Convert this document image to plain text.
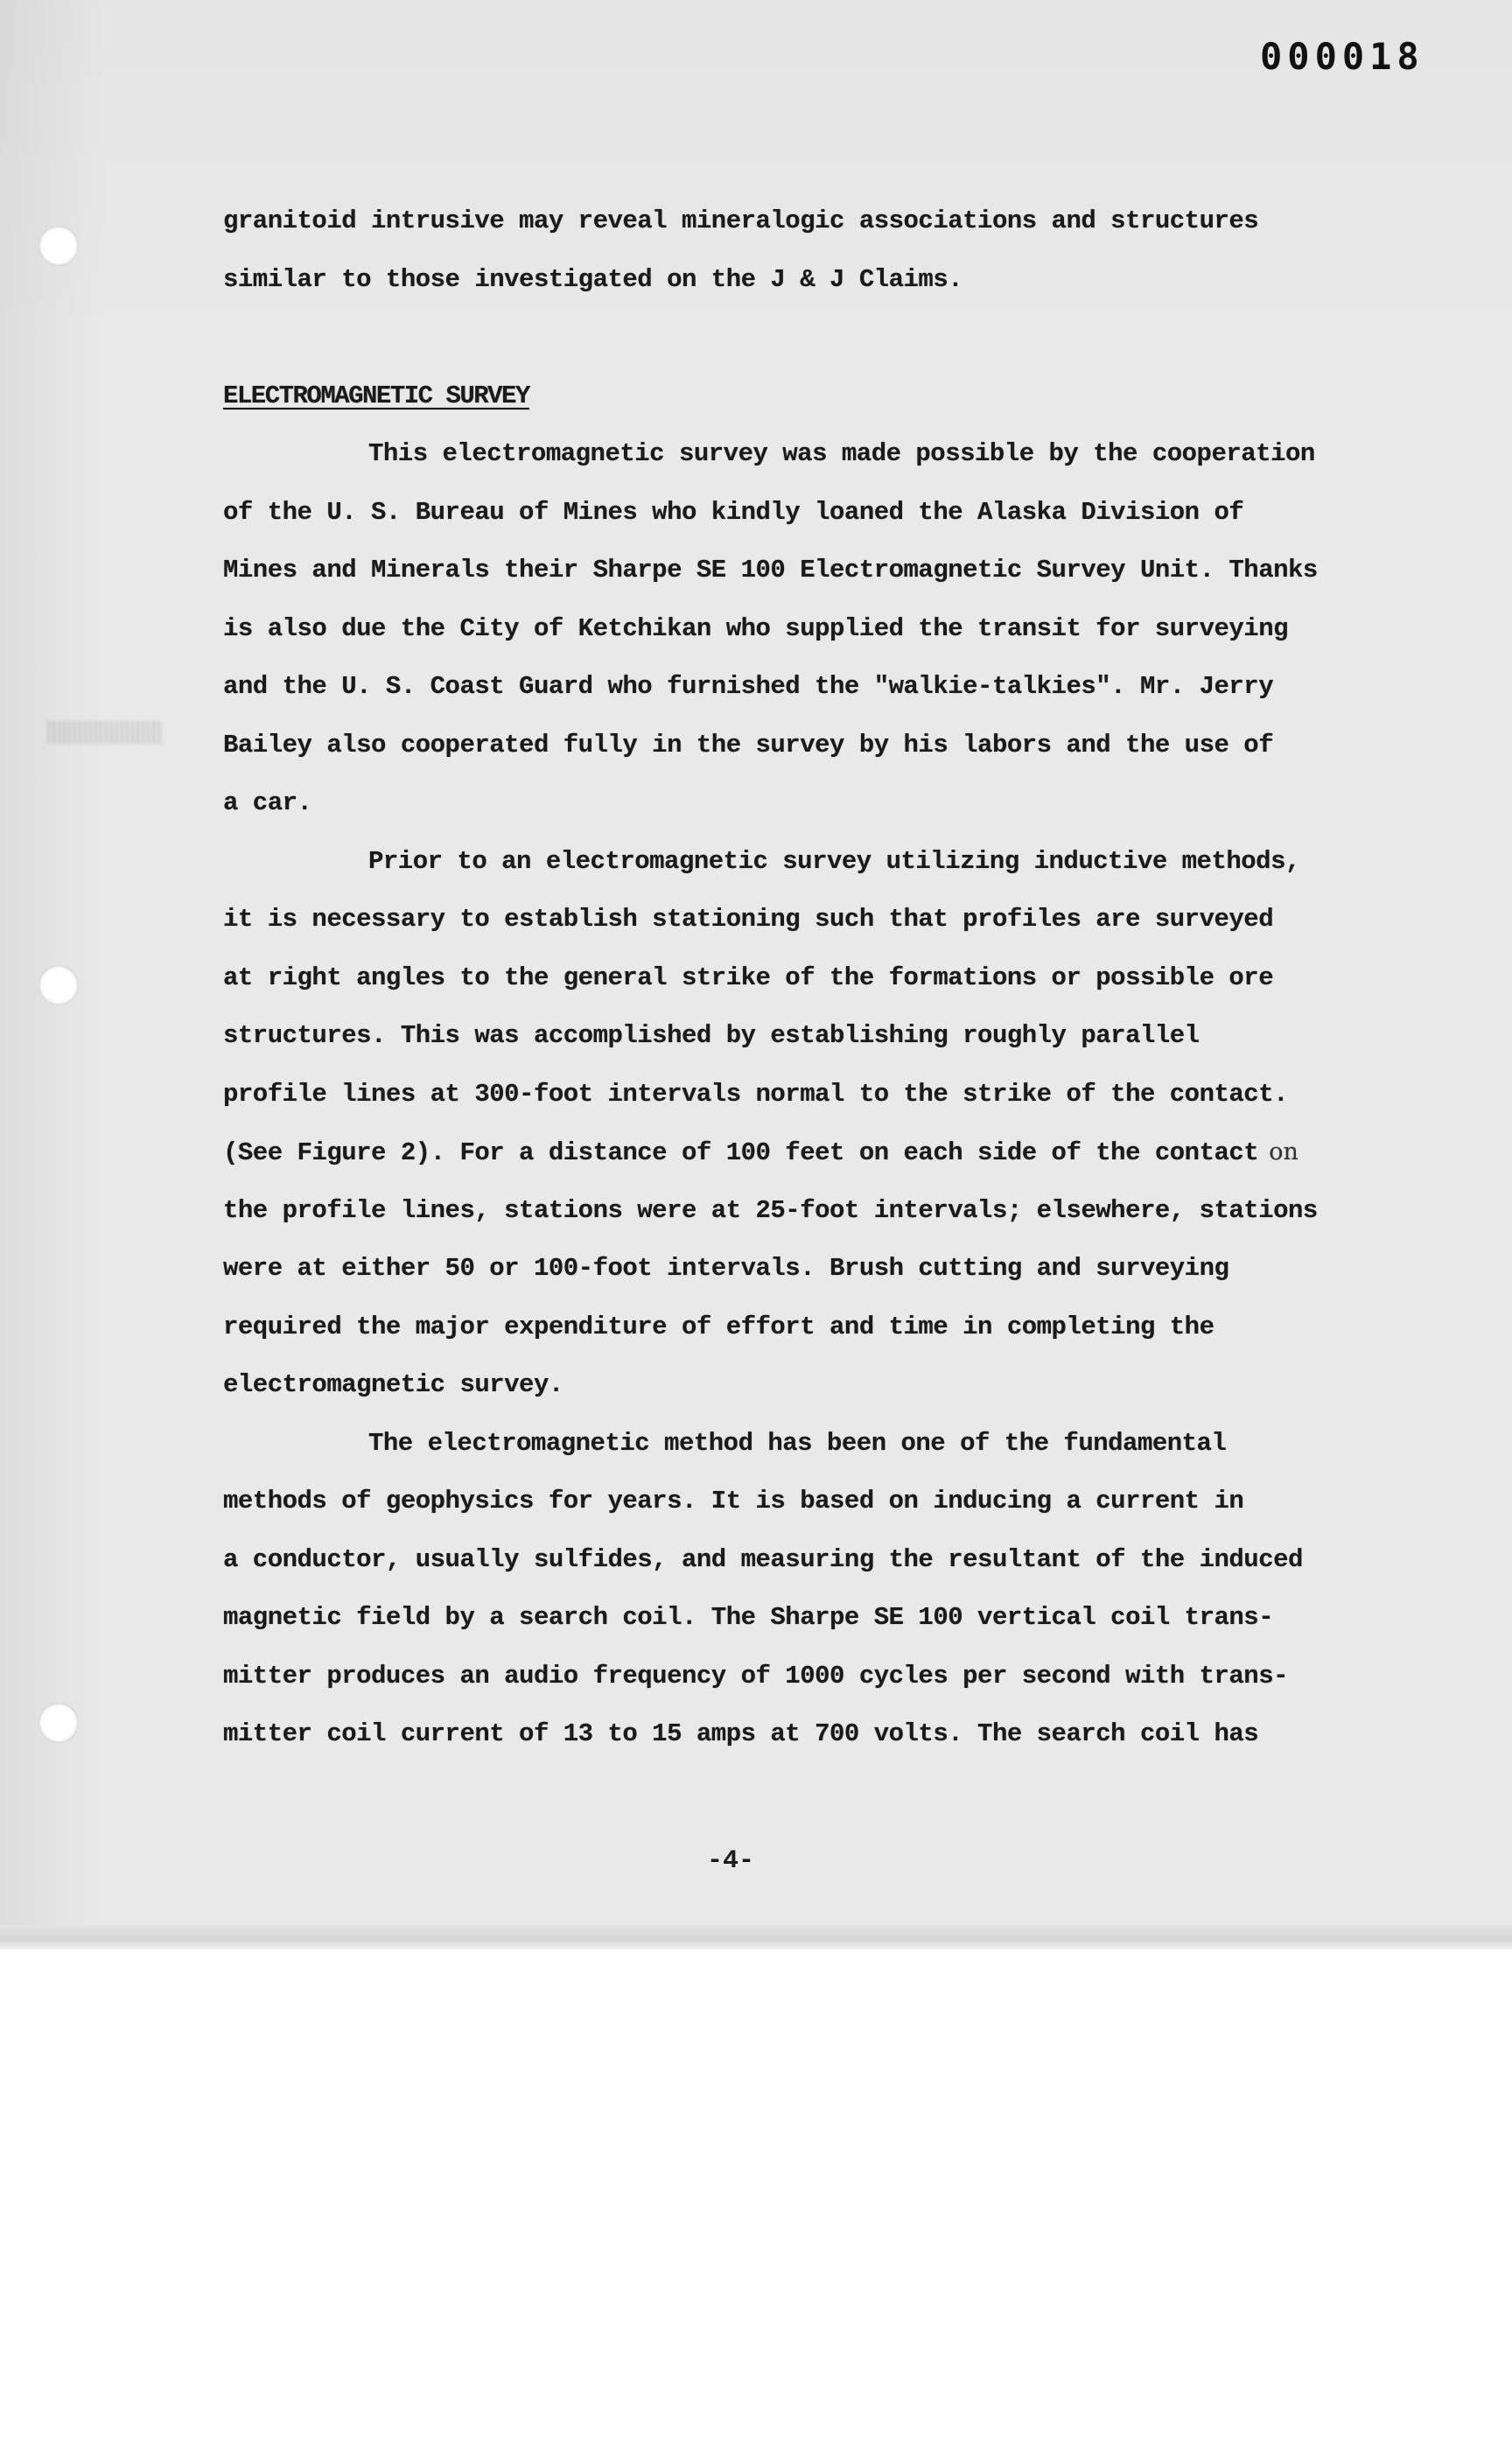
000018
granitoid intrusive may reveal mineralogic associations and structures
similar to those investigated on the J & J Claims.
ELECTROMAGNETIC SURVEY
This electromagnetic survey was made possible by the cooperation
of the U. S. Bureau of Mines who kindly loaned the Alaska Division of
Mines and Minerals their Sharpe SE 100 Electromagnetic Survey Unit. Thanks
is also due the City of Ketchikan who supplied the transit for surveying
and the U. S. Coast Guard who furnished the "walkie-talkies". Mr. Jerry
Bailey also cooperated fully in the survey by his labors and the use of
a car.
Prior to an electromagnetic survey utilizing inductive methods,
it is necessary to establish stationing such that profiles are surveyed
at right angles to the general strike of the formations or possible ore
structures. This was accomplished by establishing roughly parallel
profile lines at 300-foot intervals normal to the strike of the contact.
(See Figure 2). For a distance of 100 feet on each side of the contact on
the profile lines, stations were at 25-foot intervals; elsewhere, stations
were at either 50 or 100-foot intervals. Brush cutting and surveying
required the major expenditure of effort and time in completing the
electromagnetic survey.
The electromagnetic method has been one of the fundamental
methods of geophysics for years. It is based on inducing a current in
a conductor, usually sulfides, and measuring the resultant of the induced
magnetic field by a search coil. The Sharpe SE 100 vertical coil trans-
mitter produces an audio frequency of 1000 cycles per second with trans-
mitter coil current of 13 to 15 amps at 700 volts. The search coil has
-4-
